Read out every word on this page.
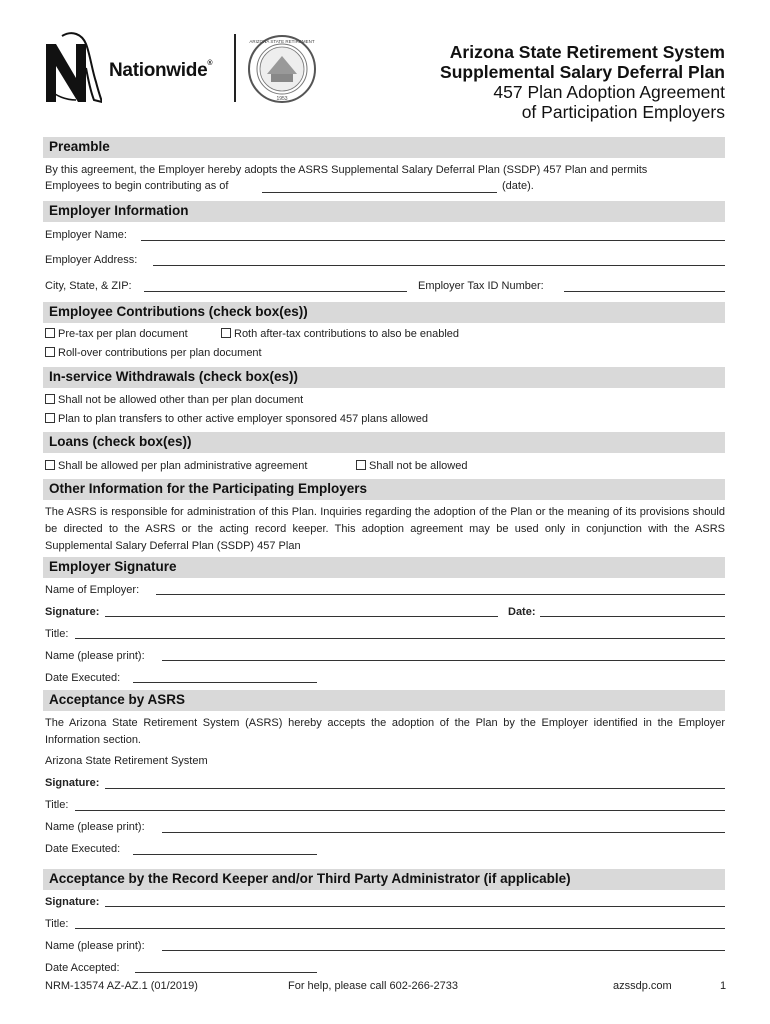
Nationwide®
ARIZONA STATE RETIREMENT
1953
Arizona State Retirement System
Supplemental Salary Deferral Plan
457 Plan Adoption Agreement
of Participation Employers
Preamble
By this agreement, the Employer hereby adopts the ASRS Supplemental Salary Deferral Plan (SSDP) 457 Plan and permits
Employees to begin contributing as of	(date).
Employer Information
Employer Name:
Employer Address:
City, State, & ZIP:	Employer Tax ID Number:
Employee Contributions (check box(es))
Pre-tax per plan document	Roth after-tax contributions to also be enabled
Roll-over contributions per plan document
In-service Withdrawals (check box(es))
Shall not be allowed other than per plan document
Plan to plan transfers to other active employer sponsored 457 plans allowed
Loans (check box(es))
Shall be allowed per plan administrative agreement	Shall not be allowed
Other Information for the Participating Employers
The ASRS is responsible for administration of this Plan. Inquiries regarding the adoption of the Plan or the meaning of its provisions should be directed to the ASRS or the acting record keeper. This adoption agreement may be used only in conjunction with the ASRS Supplemental Salary Deferral Plan (SSDP) 457 Plan
Employer Signature
Name of Employer:
Signature:	Date:
Title:
Name (please print):
Date Executed:
Acceptance by ASRS
The Arizona State Retirement System (ASRS) hereby accepts the adoption of the Plan by the Employer identified in the Employer Information section.
Arizona State Retirement System
Signature:
Title:
Name (please print):
Date Executed:
Acceptance by the Record Keeper and/or Third Party Administrator (if applicable)
Signature:
Title:
Name (please print):
Date Accepted:
NRM-13574 AZ-AZ.1 (01/2019)	For help, please call 602-266-2733	azssdp.com	1
